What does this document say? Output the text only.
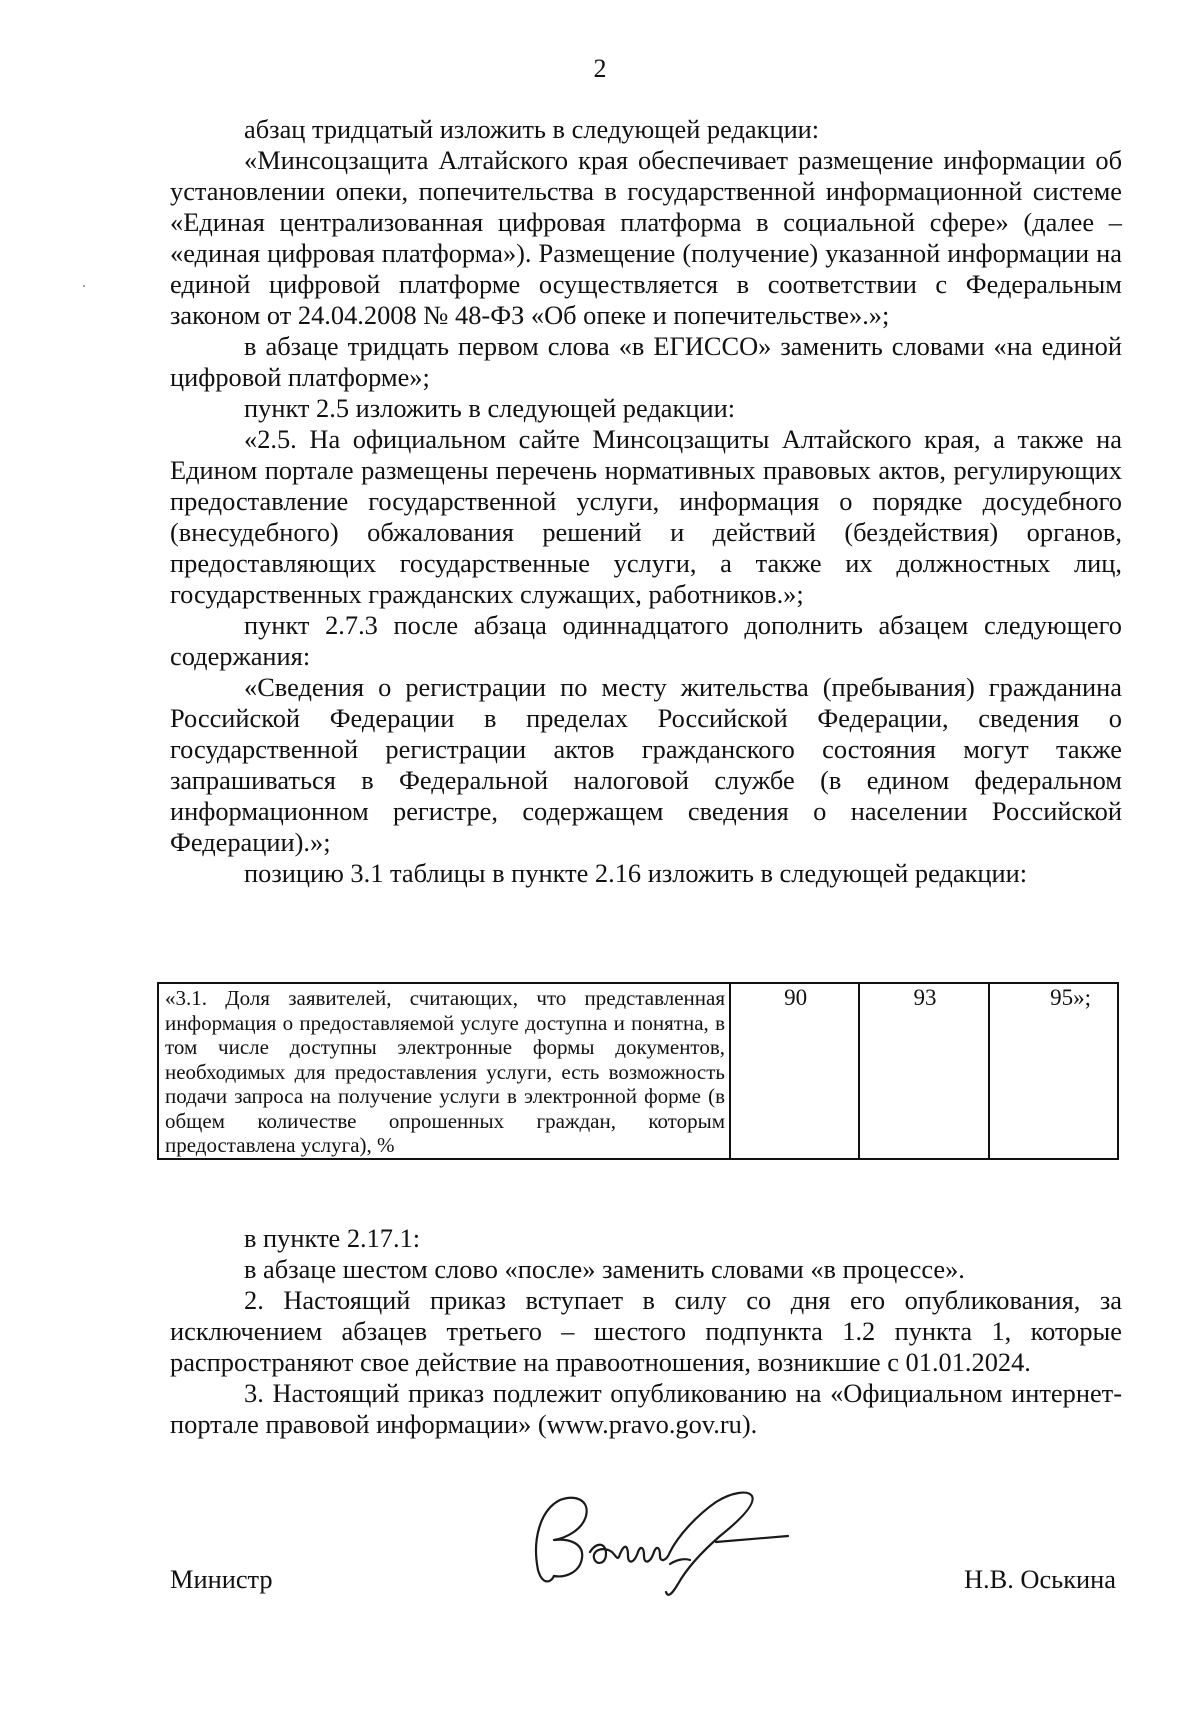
2

абзац тридцатый изложить в следующей редакции:

«Минсоцзащита Алтайского края обеспечивает размещение информации об установлении опеки, попечительства в государственной информационной системе «Единая централизованная цифровая платформа в социальной сфере» (далее – «единая цифровая платформа»). Размещение (получение) указанной информации на единой цифровой платформе осуществляется в соответствии с Федеральным законом от 24.04.2008 № 48-ФЗ «Об опеке и попечительстве».»;

в абзаце тридцать первом слова «в ЕГИССО» заменить словами «на единой цифровой платформе»;

пункт 2.5 изложить в следующей редакции:

«2.5. На официальном сайте Минсоцзащиты Алтайского края, а также на Едином портале размещены перечень нормативных правовых актов, регулирующих предоставление государственной услуги, информация о порядке досудебного (внесудебного) обжалования решений и действий (бездействия) органов, предоставляющих государственные услуги, а также их должностных лиц, государственных гражданских служащих, работников.»;

пункт 2.7.3 после абзаца одиннадцатого дополнить абзацем следующего содержания:

«Сведения о регистрации по месту жительства (пребывания) гражданина Российской Федерации в пределах Российской Федерации, сведения о государственной регистрации актов гражданского состояния могут также запрашиваться в Федеральной налоговой службе (в едином федеральном информационном регистре, содержащем сведения о населении Российской Федерации).»;

позицию 3.1 таблицы в пункте 2.16 изложить в следующей редакции:

«3.1. Доля заявителей, считающих, что представленная информация о предоставляемой услуге доступна и понятна, в том числе доступны электронные формы документов, необходимых для предоставления услуги, есть возможность подачи запроса на получение услуги в электронной форме (в общем количестве опрошенных граждан, которым предоставлена услуга), %	90	93	95»;

в пункте 2.17.1:

в абзаце шестом слово «после» заменить словами «в процессе».

2. Настоящий приказ вступает в силу со дня его опубликования, за исключением абзацев третьего – шестого подпункта 1.2 пункта 1, которые распространяют свое действие на правоотношения, возникшие с 01.01.2024.

3. Настоящий приказ подлежит опубликованию на «Официальном интернет-портале правовой информации» (www.pravo.gov.ru).

Министр	Н.В. Оськина
